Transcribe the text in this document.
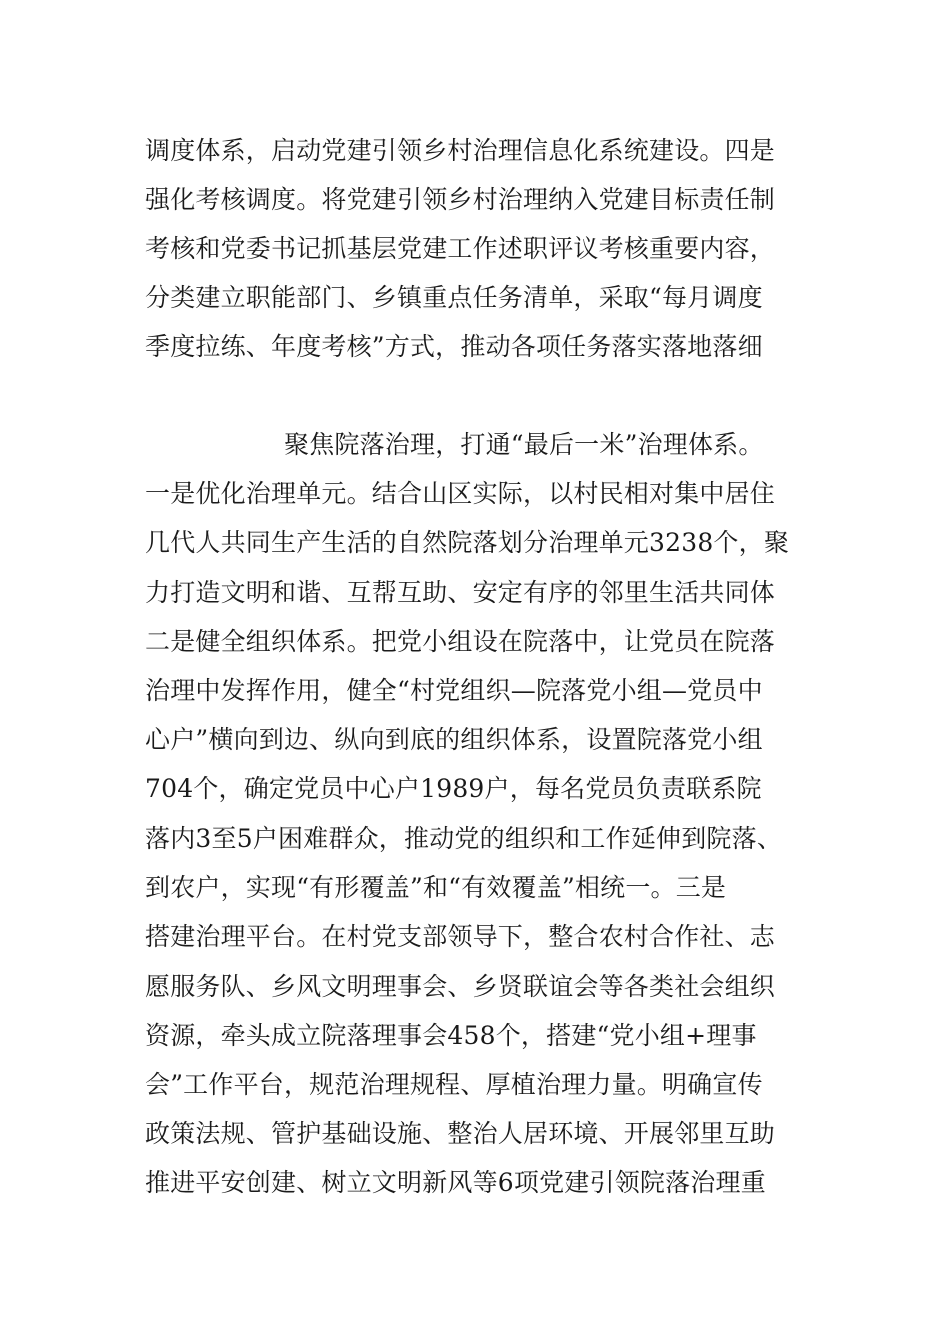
调度体系，启动党建引领乡村治理信息化系统建设。四是
强化考核调度。将党建引领乡村治理纳入党建目标责任制
考核和党委书记抓基层党建工作述职评议考核重要内容，
分类建立职能部门、乡镇重点任务清单，采取“每月调度
季度拉练、年度考核”方式，推动各项任务落实落地落细
聚焦院落治理，打通“最后一米”治理体系。
一是优化治理单元。结合山区实际，以村民相对集中居住
几代人共同生产生活的自然院落划分治理单元3238个，聚
力打造文明和谐、互帮互助、安定有序的邻里生活共同体
二是健全组织体系。把党小组设在院落中，让党员在院落
治理中发挥作用，健全“村党组织—院落党小组—党员中
心户”横向到边、纵向到底的组织体系，设置院落党小组
704个，确定党员中心户1989户，每名党员负责联系院
落内3至5户困难群众，推动党的组织和工作延伸到院落、
到农户，实现“有形覆盖”和“有效覆盖”相统一。三是
搭建治理平台。在村党支部领导下，整合农村合作社、志
愿服务队、乡风文明理事会、乡贤联谊会等各类社会组织
资源，牵头成立院落理事会458个，搭建“党小组+理事
会”工作平台，规范治理规程、厚植治理力量。明确宣传
政策法规、管护基础设施、整治人居环境、开展邻里互助
推进平安创建、树立文明新风等6项党建引领院落治理重
